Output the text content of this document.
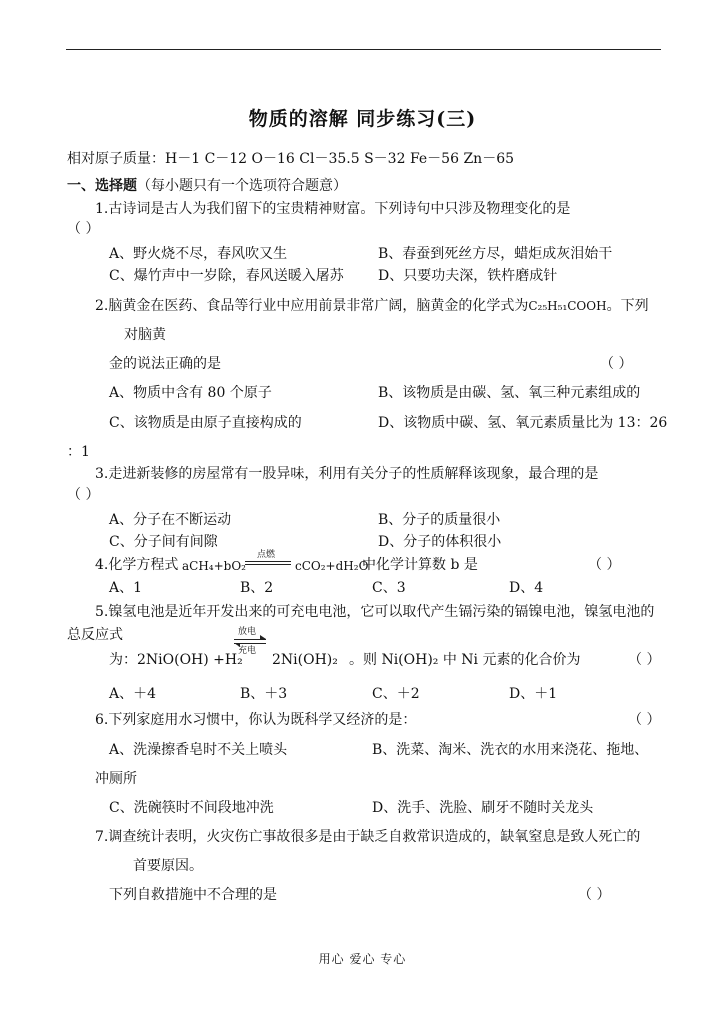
物质的溶解 同步练习(三)
相对原子质量：H－1 C－12 O－16 Cl－35.5 S－32 Fe－56 Zn－65
一、选择题（每小题只有一个选项符合题意）
1.古诗词是古人为我们留下的宝贵精神财富。下列诗句中只涉及物理变化的是
（ ）
A、野火烧不尽，春风吹又生	B、春蚕到死丝方尽，蜡炬成灰泪始干
C、爆竹声中一岁除，春风送暖入屠苏 D、只要功夫深，铁杵磨成针
2.脑黄金在医药、食品等行业中应用前景非常广阔，脑黄金的化学式为C₂₅H₅₁COOH。下列
对脑黄
金的说法正确的是	（ ）
A、物质中含有 80 个原子	B、该物质是由碳、氢、氧三种元素组成的
C、该物质是由原子直接构成的	D、该物质中碳、氢、氧元素质量比为 13：26
：1
3.走进新装修的房屋常有一股异味，利用有关分子的性质解释该现象，最合理的是
（ ）
A、分子在不断运动	B、分子的质量很小
C、分子间有间隙	D、分子的体积很小
4.化学方程式 aCH₄+bO₂
点燃
cCO₂+dH₂O
中化学计算数 b 是	（ ）
A、1	B、2	C、3	D、4
5.镍氢电池是近年开发出来的可充电电池，它可以取代产生镉污染的镉镍电池，镍氢电池的
总反应式
为：2NiO(OH) +H₂
放电
充电
2Ni(OH)₂ 。则 Ni(OH)₂ 中 Ni 元素的化合价为	（ ）
A、＋4	B、＋3	C、＋2	D、＋1
6.下列家庭用水习惯中，你认为既科学又经济的是：	（ ）
A、洗澡擦香皂时不关上喷头	B、洗菜、淘米、洗衣的水用来浇花、拖地、
冲厕所
C、洗碗筷时不间段地冲洗	D、洗手、洗脸、刷牙不随时关龙头
7.调查统计表明，火灾伤亡事故很多是由于缺乏自救常识造成的，缺氧窒息是致人死亡的
首要原因。
下列自救措施中不合理的是	（ ）
用心 爱心 专心
